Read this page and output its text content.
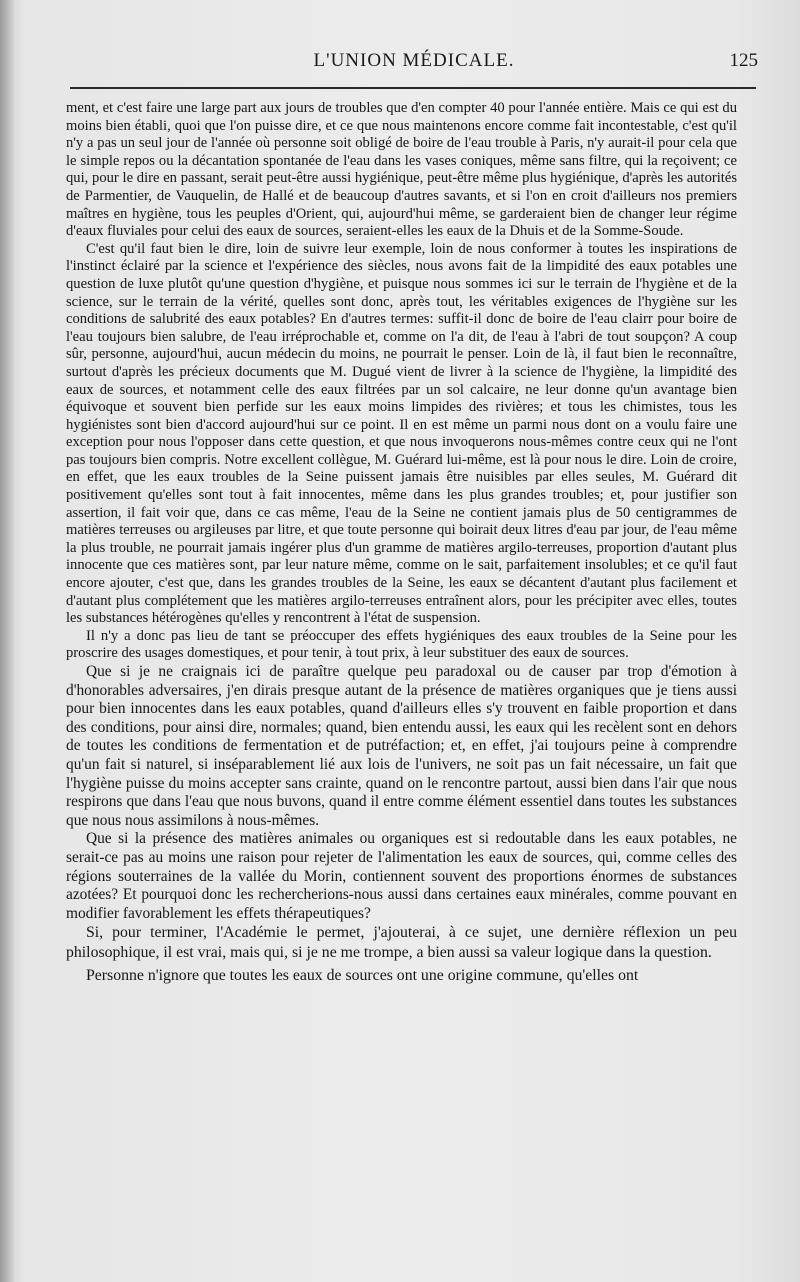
L'UNION MÉDICALE.	125

ment, et c'est faire une large part aux jours de troubles que d'en compter 40 pour l'année entière. Mais ce qui est du moins bien établi, quoi que l'on puisse dire, et ce que nous maintenons encore comme fait incontestable, c'est qu'il n'y a pas un seul jour de l'année où personne soit obligé de boire de l'eau trouble à Paris, n'y aurait-il pour cela que le simple repos ou la décantation spontanée de l'eau dans les vases coniques, même sans filtre, qui la reçoivent; ce qui, pour le dire en passant, serait peut-être aussi hygiénique, peut-être même plus hygiénique, d'après les autorités de Parmentier, de Vauquelin, de Hallé et de beaucoup d'autres savants, et si l'on en croit d'ailleurs nos premiers maîtres en hygiène, tous les peuples d'Orient, qui, aujourd'hui même, se garderaient bien de changer leur régime d'eaux fluviales pour celui des eaux de sources, seraient-elles les eaux de la Dhuis et de la Somme-Soude.

C'est qu'il faut bien le dire, loin de suivre leur exemple, loin de nous conformer à toutes les inspirations de l'instinct éclairé par la science et l'expérience des siècles, nous avons fait de la limpidité des eaux potables une question de luxe plutôt qu'une question d'hygiène, et puisque nous sommes ici sur le terrain de l'hygiène et de la science, sur le terrain de la vérité, quelles sont donc, après tout, les véritables exigences de l'hygiène sur les conditions de salubrité des eaux potables? En d'autres termes: suffit-il donc de boire de l'eau clairr pour boire de l'eau toujours bien salubre, de l'eau irréprochable et, comme on l'a dit, de l'eau à l'abri de tout soupçon? A coup sûr, personne, aujourd'hui, aucun médecin du moins, ne pourrait le penser. Loin de là, il faut bien le reconnaître, surtout d'après les précieux documents que M. Dugué vient de livrer à la science de l'hygiène, la limpidité des eaux de sources, et notamment celle des eaux filtrées par un sol calcaire, ne leur donne qu'un avantage bien équivoque et souvent bien perfide sur les eaux moins limpides des rivières; et tous les chimistes, tous les hygiénistes sont bien d'accord aujourd'hui sur ce point. Il en est même un parmi nous dont on a voulu faire une exception pour nous l'opposer dans cette question, et que nous invoquerons nous-mêmes contre ceux qui ne l'ont pas toujours bien compris. Notre excellent collègue, M. Guérard lui-même, est là pour nous le dire. Loin de croire, en effet, que les eaux troubles de la Seine puissent jamais être nuisibles par elles seules, M. Guérard dit positivement qu'elles sont tout à fait innocentes, même dans les plus grandes troubles; et, pour justifier son assertion, il fait voir que, dans ce cas même, l'eau de la Seine ne contient jamais plus de 50 centigrammes de matières terreuses ou argileuses par litre, et que toute personne qui boirait deux litres d'eau par jour, de l'eau même la plus trouble, ne pourrait jamais ingérer plus d'un gramme de matières argilo-terreuses, proportion d'autant plus innocente que ces matières sont, par leur nature même, comme on le sait, parfaitement insolubles; et ce qu'il faut encore ajouter, c'est que, dans les grandes troubles de la Seine, les eaux se décantent d'autant plus facilement et d'autant plus complétement que les matières argilo-terreuses entraînent alors, pour les précipiter avec elles, toutes les substances hétérogènes qu'elles y rencontrent à l'état de suspension.

Il n'y a donc pas lieu de tant se préoccuper des effets hygiéniques des eaux troubles de la Seine pour les proscrire des usages domestiques, et pour tenir, à tout prix, à leur substituer des eaux de sources.

Que si je ne craignais ici de paraître quelque peu paradoxal ou de causer par trop d'émotion à d'honorables adversaires, j'en dirais presque autant de la présence de matières organiques que je tiens aussi pour bien innocentes dans les eaux potables, quand d'ailleurs elles s'y trouvent en faible proportion et dans des conditions, pour ainsi dire, normales; quand, bien entendu aussi, les eaux qui les recèlent sont en dehors de toutes les conditions de fermentation et de putréfaction; et, en effet, j'ai toujours peine à comprendre qu'un fait si naturel, si inséparablement lié aux lois de l'univers, ne soit pas un fait nécessaire, un fait que l'hygiène puisse du moins accepter sans crainte, quand on le rencontre partout, aussi bien dans l'air que nous respirons que dans l'eau que nous buvons, quand il entre comme élément essentiel dans toutes les substances que nous nous assimilons à nous-mêmes.

Que si la présence des matières animales ou organiques est si redoutable dans les eaux potables, ne serait-ce pas au moins une raison pour rejeter de l'alimentation les eaux de sources, qui, comme celles des régions souterraines de la vallée du Morin, contiennent souvent des proportions énormes de substances azotées? Et pourquoi donc les rechercherions-nous aussi dans certaines eaux minérales, comme pouvant en modifier favorablement les effets thérapeutiques?

Si, pour terminer, l'Académie le permet, j'ajouterai, à ce sujet, une dernière réflexion un peu philosophique, il est vrai, mais qui, si je ne me trompe, a bien aussi sa valeur logique dans la question.

Personne n'ignore que toutes les eaux de sources ont une origine commune, qu'elles ont
